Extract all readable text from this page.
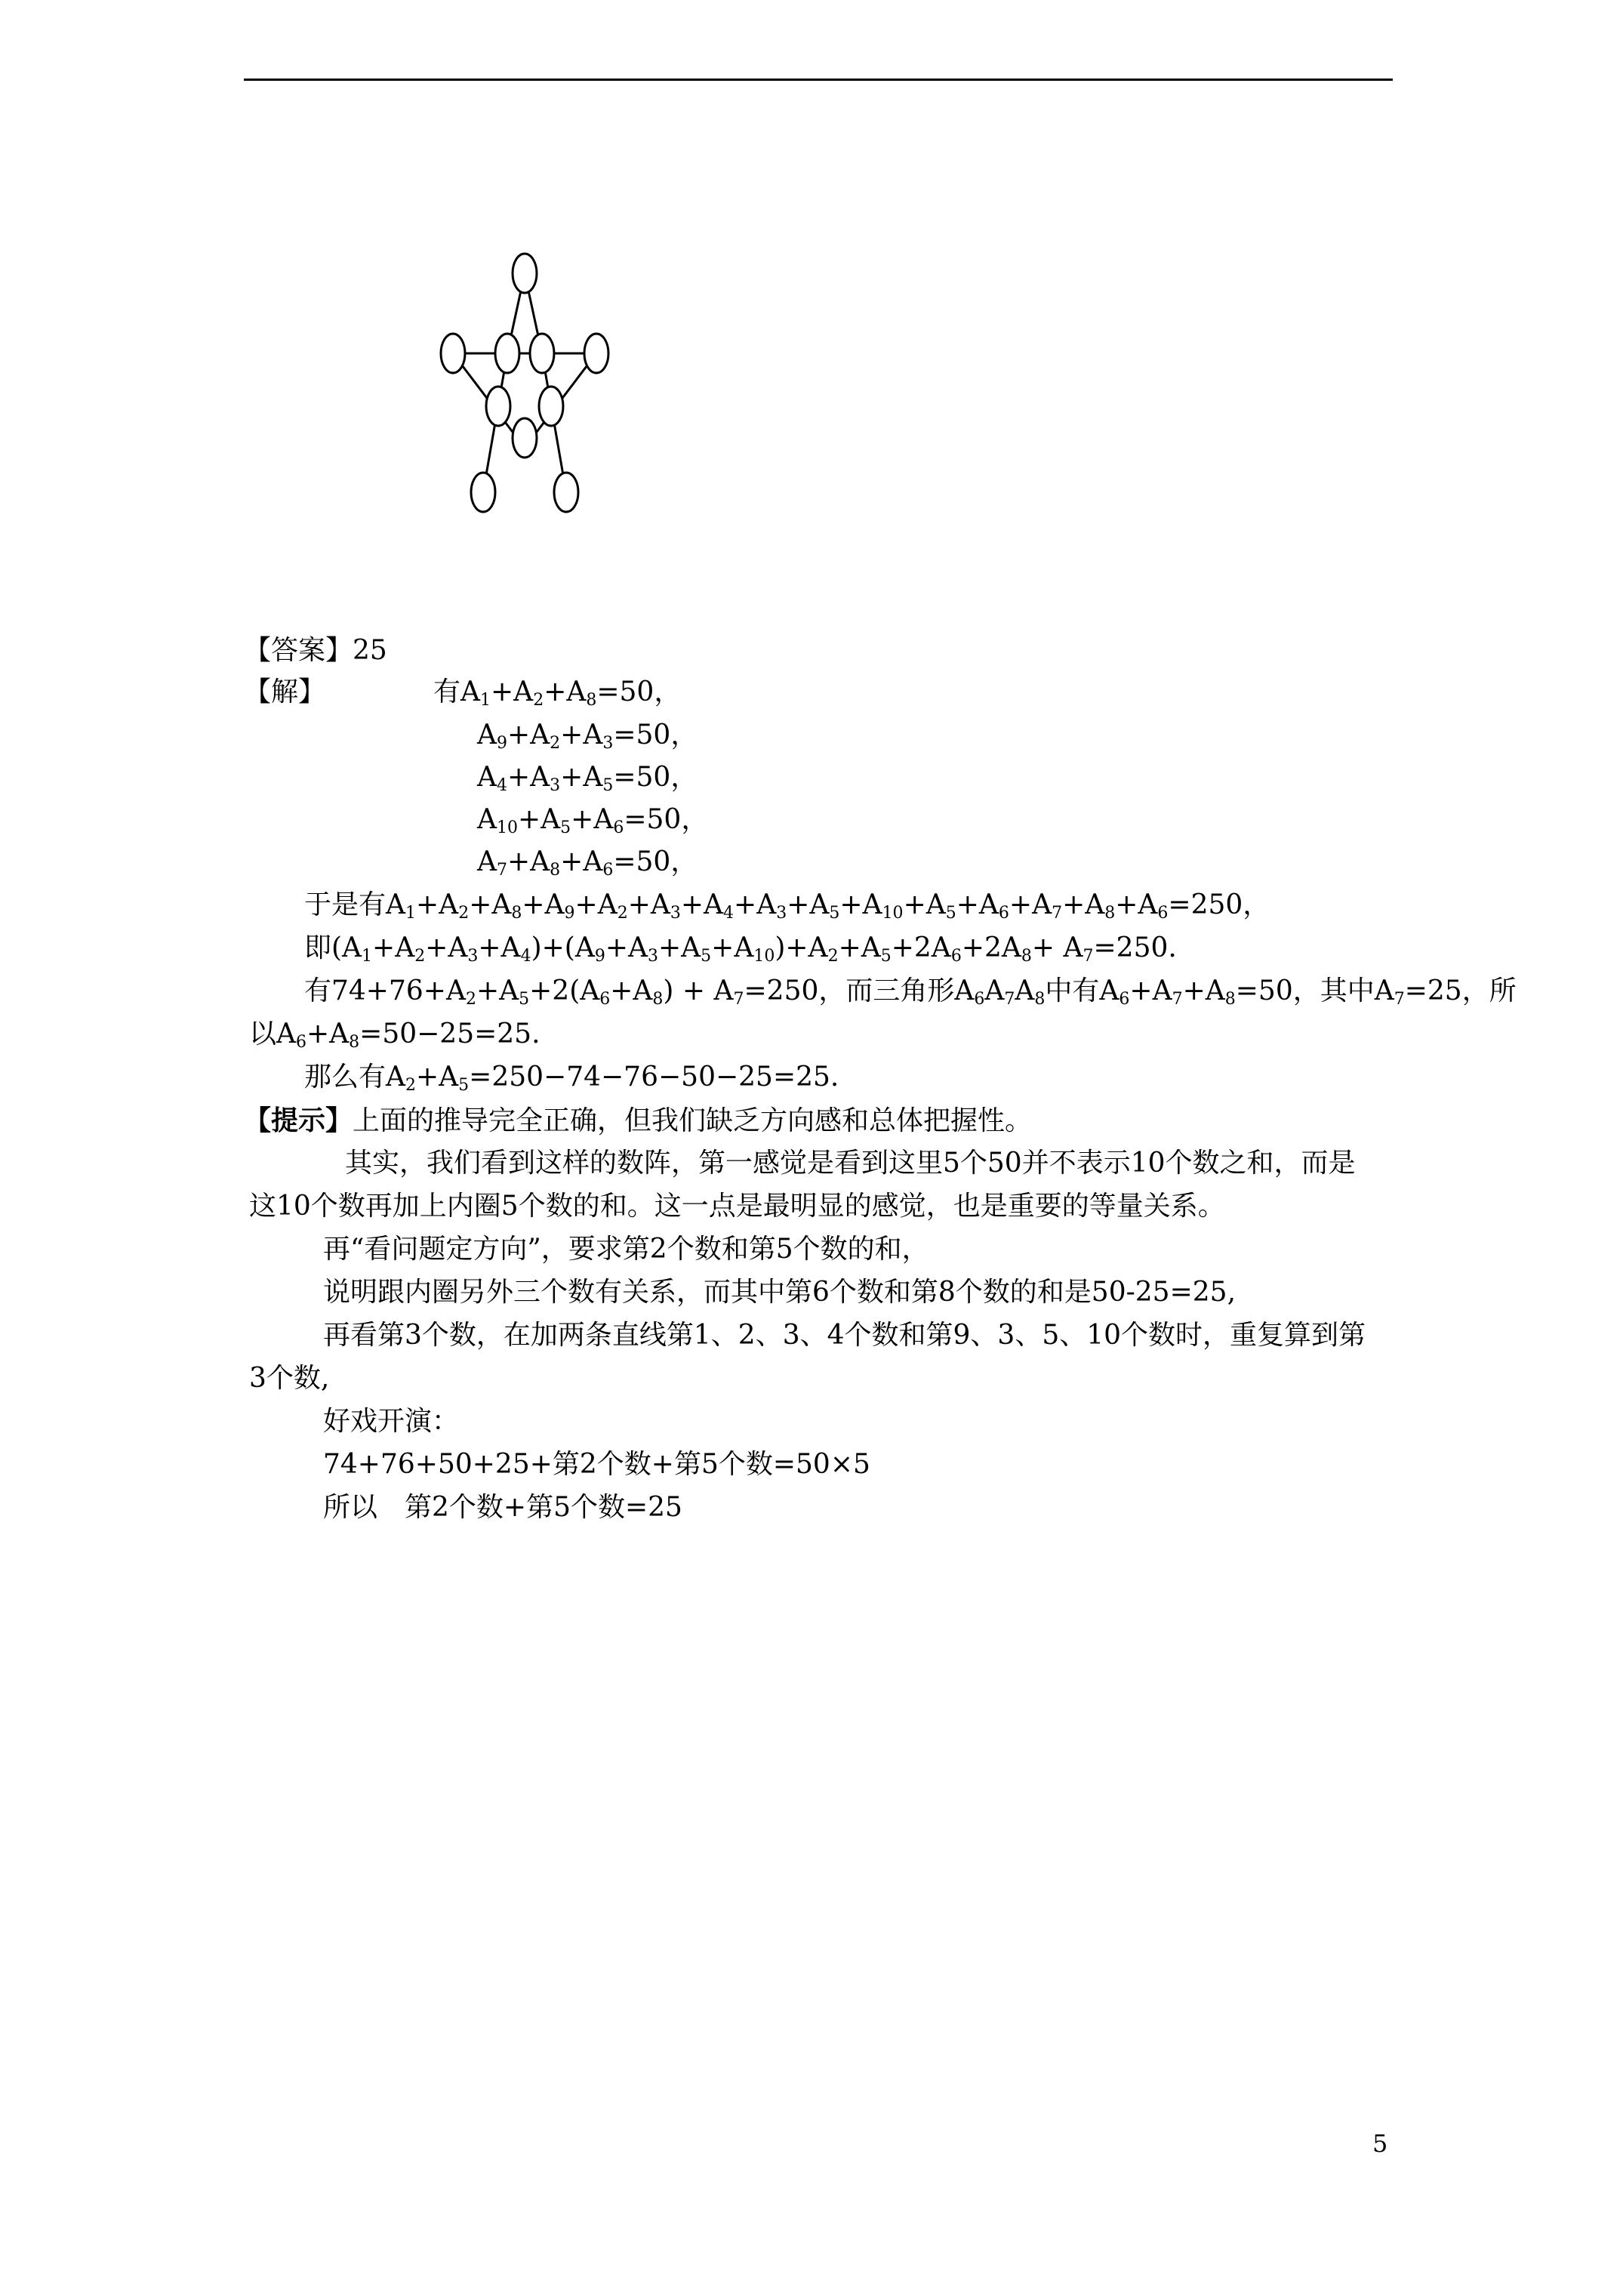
【答案】25
【解】	有$A_1+A_2+A_8=50$，
$A_9+A_2+A_3=50$，
$A_4+A_3+A_5=50$，
$A_{10}+A_5+A_6=50$，
$A_7+A_8+A_6=50$，
于是有$A_1+A_2+A_8+A_9+A_2+A_3+A_4+A_3+A_5+A_{10}+A_5+A_6+A_7+A_8+A_6=250$，
即$(A_1+A_2+A_3+A_4)+(A_9+A_3+A_5+A_{10})+A_2+A_5+2A_6+2A_8+ A_7=250$.
有$74+76+A_2+A_5+2(A_6+A_8) + A_7=250$，而三角形$A_6A_7A_8$中有$A_6+A_7+A_8=50$，其中$A_7=25$，所
以$A_6+A_8=50-25=25$.
那么有$A_2+A_5=250-74-76-50-25=25$.
【提示】上面的推导完全正确，但我们缺乏方向感和总体把握性。
其实，我们看到这样的数阵，第一感觉是看到这里5个50并不表示10个数之和，而是
这10个数再加上内圈5个数的和。这一点是最明显的感觉，也是重要的等量关系。
再“看问题定方向”，要求第2个数和第5个数的和，
说明跟内圈另外三个数有关系，而其中第6个数和第8个数的和是50-25=25,
再看第3个数，在加两条直线第1、2、3、4个数和第9、3、5、10个数时，重复算到第
3个数,
好戏开演：
74+76+50+25+第2个数+第5个数=50×5
所以　第2个数+第5个数=25
5
